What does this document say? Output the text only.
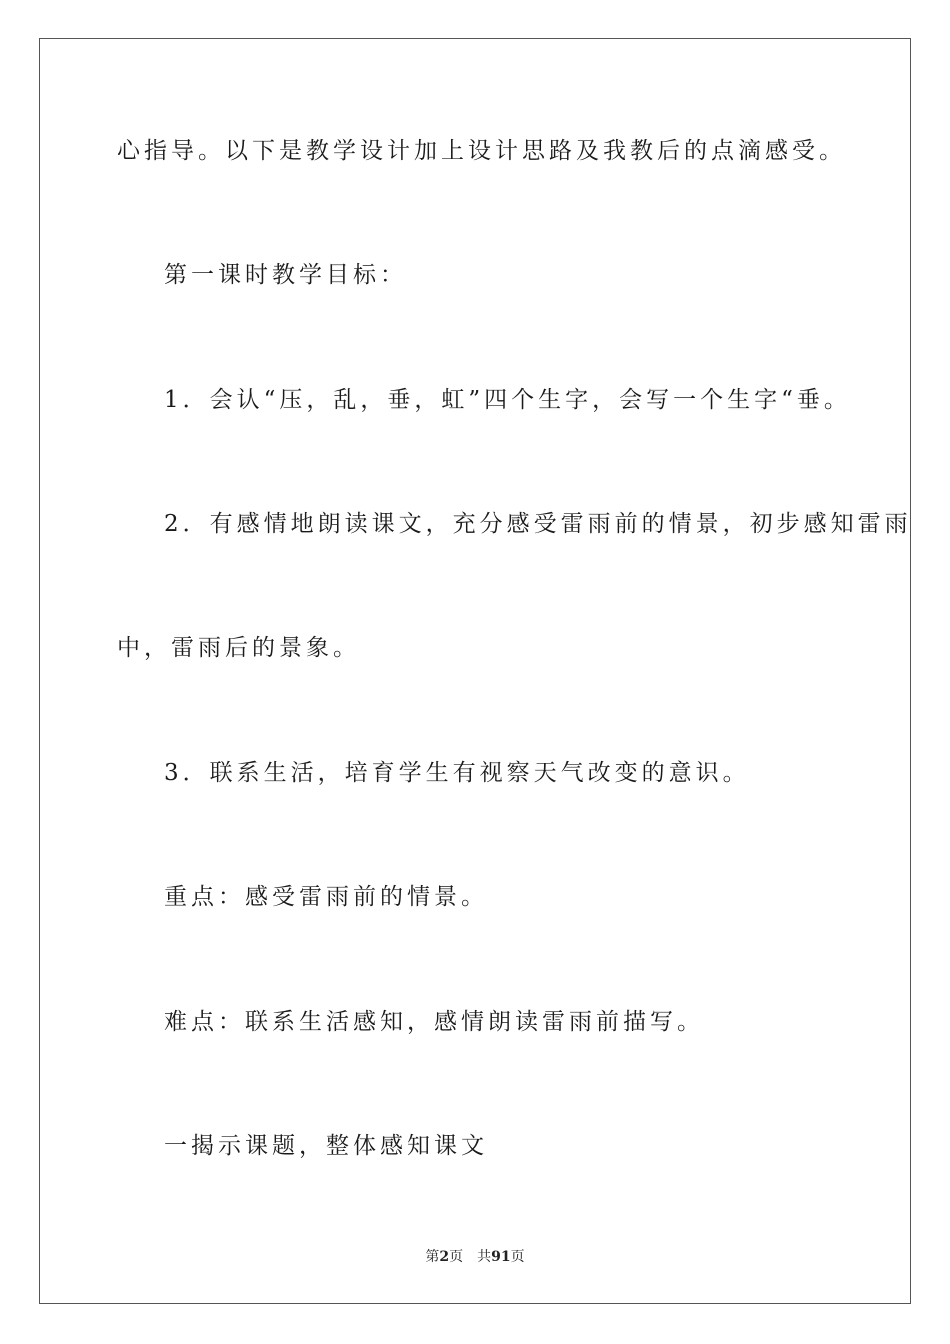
心指导。以下是教学设计加上设计思路及我教后的点滴感受。
第一课时教学目标：
1．会认“压，乱，垂，虹”四个生字，会写一个生字“垂。
2．有感情地朗读课文，充分感受雷雨前的情景，初步感知雷雨
中，雷雨后的景象。
3．联系生活，培育学生有视察天气改变的意识。
重点：感受雷雨前的情景。
难点：联系生活感知，感情朗读雷雨前描写。
一揭示课题，整体感知课文
第2页 共91页
